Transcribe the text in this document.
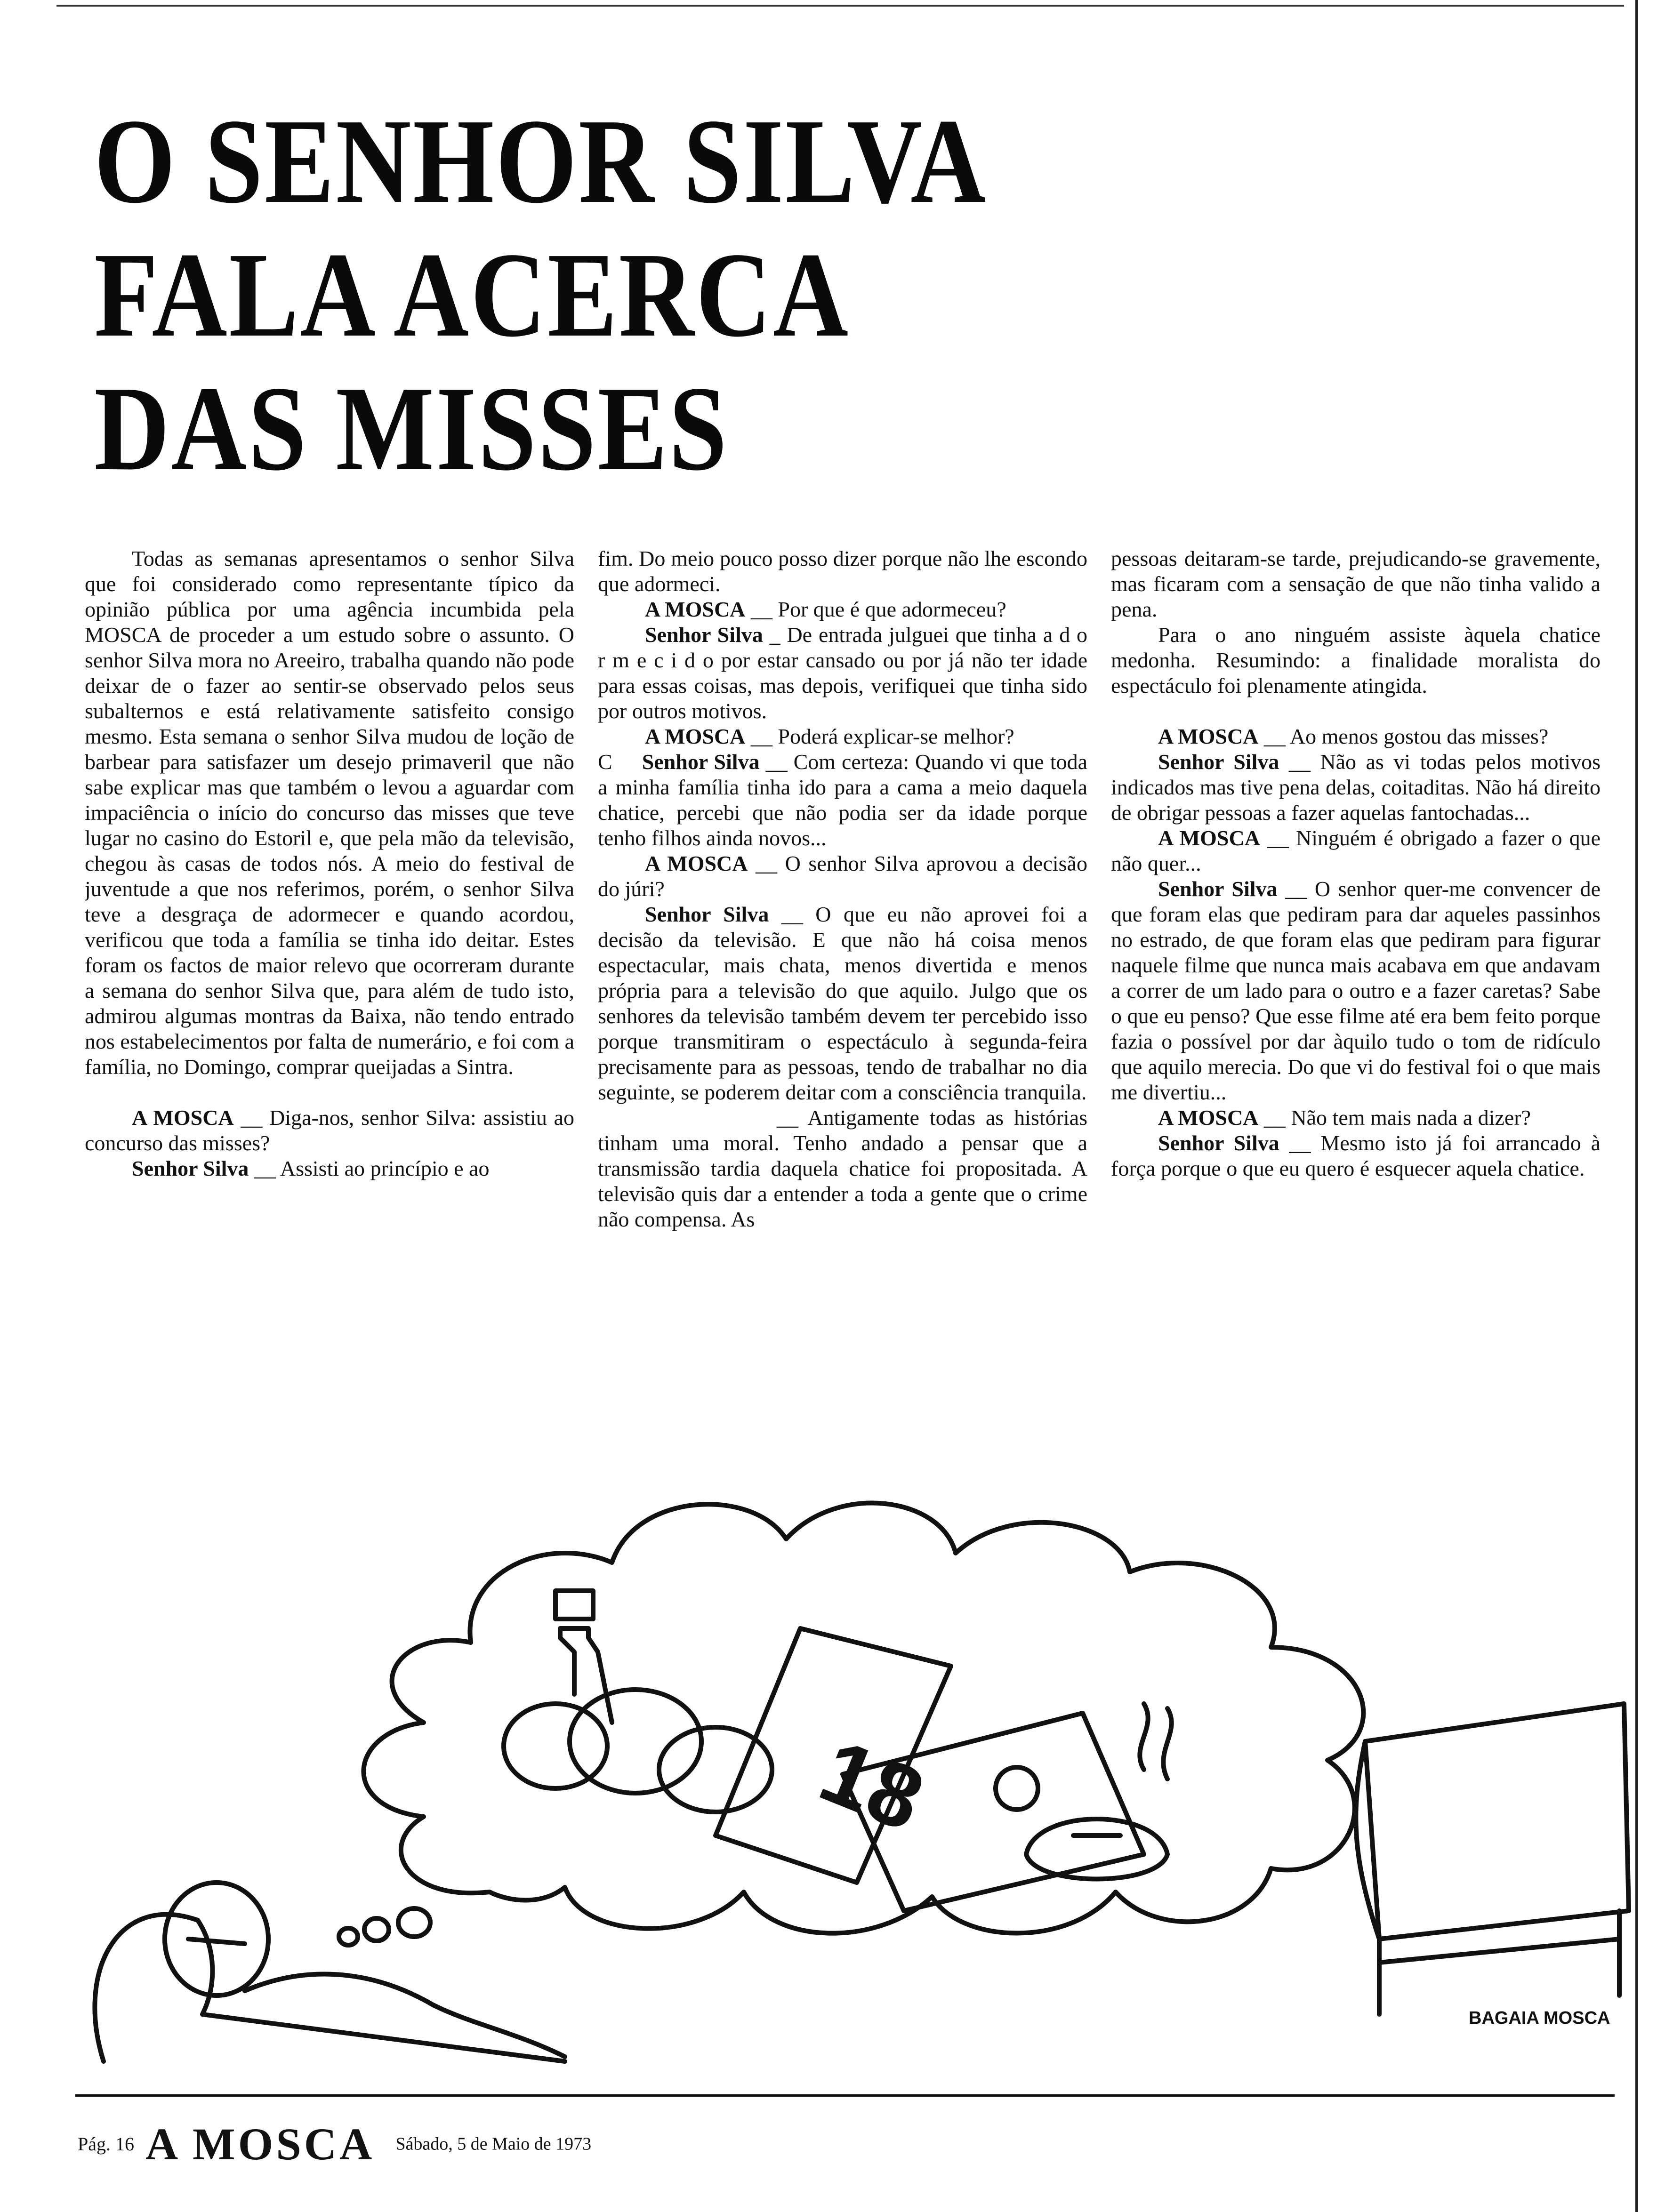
O SENHOR SILVA
FALA ACERCA
DAS MISSES

Todas as semanas apresentamos o senhor Silva que foi considerado como representante típico da opinião pública por uma agência incumbida pela MOSCA de proceder a um estudo sobre o assunto. O senhor Silva mora no Areeiro, trabalha quando não pode deixar de o fazer ao sentir-se observado pelos seus subalternos e está relativamente satisfeito consigo mesmo. Esta semana o senhor Silva mudou de loção de barbear para satisfazer um desejo primaveril que não sabe explicar mas que também o levou a aguardar com impaciência o início do concurso das misses que teve lugar no casino do Estoril e, que pela mão da televisão, chegou às casas de todos nós. A meio do festival de juventude a que nos referimos, porém, o senhor Silva teve a desgraça de adormecer e quando acordou, verificou que toda a família se tinha ido deitar. Estes foram os factos de maior relevo que ocorreram durante a semana do senhor Silva que, para além de tudo isto, admirou algumas montras da Baixa, não tendo entrado nos estabelecimentos por falta de numerário, e foi com a família, no Domingo, comprar queijadas a Sintra.

A MOSCA __ Diga-nos, senhor Silva: assistiu ao concurso das misses?

Senhor Silva __ Assisti ao princípio e ao

fim. Do meio pouco posso dizer porque não lhe escondo que adormeci.

A MOSCA __ Por que é que adormeceu?

Senhor Silva _ De entrada julguei que tinha a d o r m e c i d o por estar cansado ou por já não ter idade para essas coisas, mas depois, verifiquei que tinha sido por outros motivos.

A MOSCA __ Poderá explicar-se melhor?

C Senhor Silva __ Com certeza: Quando vi que toda a minha família tinha ido para a cama a meio daquela chatice, percebi que não podia ser da idade porque tenho filhos ainda novos...

A MOSCA __ O senhor Silva aprovou a decisão do júri?

Senhor Silva __ O que eu não aprovei foi a decisão da televisão. E que não há coisa menos espectacular, mais chata, menos divertida e menos própria para a televisão do que aquilo. Julgo que os senhores da televisão também devem ter percebido isso porque transmitiram o espectáculo à segunda-feira precisamente para as pessoas, tendo de trabalhar no dia seguinte, se poderem deitar com a consciência tranquila.

__ Antigamente todas as histórias tinham uma moral. Tenho andado a pensar que a transmissão tardia daquela chatice foi propositada. A televisão quis dar a entender a toda a gente que o crime não compensa. As

pessoas deitaram-se tarde, prejudicando-se gravemente, mas ficaram com a sensação de que não tinha valido a pena.

Para o ano ninguém assiste àquela chatice medonha. Resumindo: a finalidade moralista do espectáculo foi plenamente atingida.

A MOSCA __ Ao menos gostou das misses?

Senhor Silva __ Não as vi todas pelos motivos indicados mas tive pena delas, coitaditas. Não há direito de obrigar pessoas a fazer aquelas fantochadas...

A MOSCA __ Ninguém é obrigado a fazer o que não quer...

Senhor Silva __ O senhor quer-me convencer de que foram elas que pediram para dar aqueles passinhos no estrado, de que foram elas que pediram para figurar naquele filme que nunca mais acabava em que andavam a correr de um lado para o outro e a fazer caretas? Sabe o que eu penso? Que esse filme até era bem feito porque fazia o possível por dar àquilo tudo o tom de ridículo que aquilo merecia. Do que vi do festival foi o que mais me divertiu...

A MOSCA __ Não tem mais nada a dizer?

Senhor Silva __ Mesmo isto já foi arrancado à força porque o que eu quero é esquecer aquela chatice.

18
BAGAIA MOSCA
Pág. 16 A MOSCA Sábado, 5 de Maio de 1973
